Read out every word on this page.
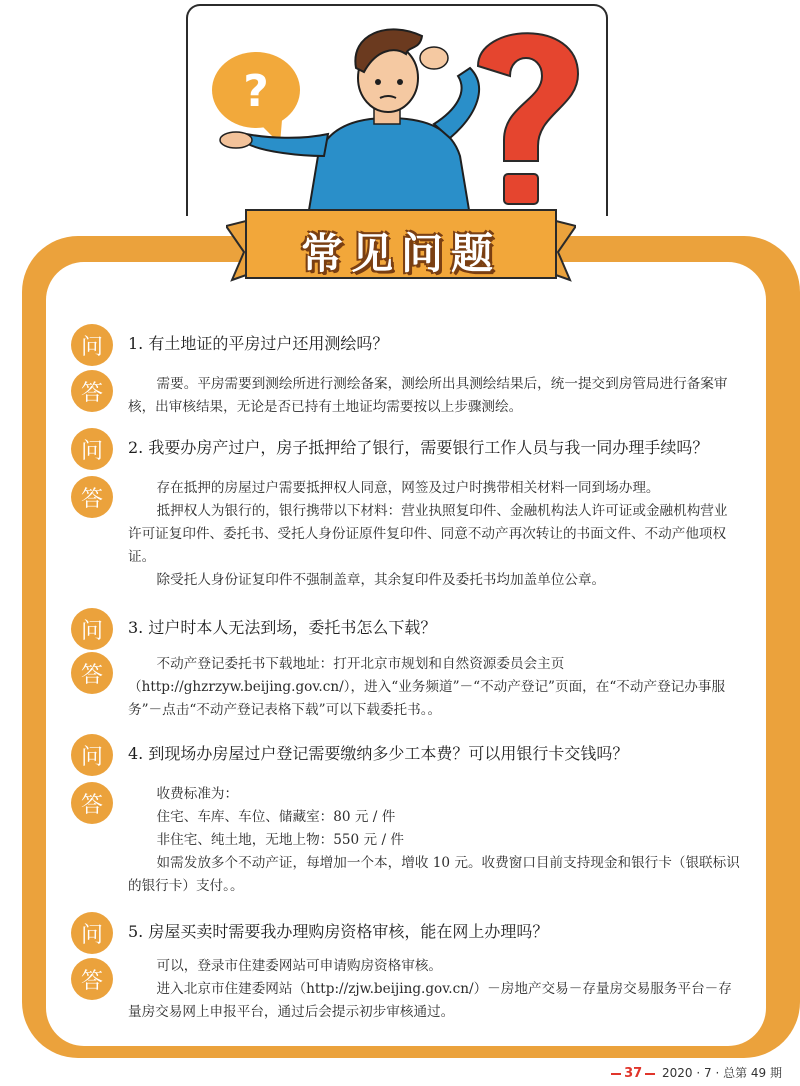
?
常见问题
问	1. 有土地证的平房过户还用测绘吗？
答	需要。平房需要到测绘所进行测绘备案，测绘所出具测绘结果后，统一提交到房管局进行备案审核，出审核结果，无论是否已持有土地证均需要按以上步骤测绘。
问	2. 我要办房产过户，房子抵押给了银行，需要银行工作人员与我一同办理手续吗？
答	存在抵押的房屋过户需要抵押权人同意，网签及过户时携带相关材料一同到场办理。
抵押权人为银行的，银行携带以下材料：营业执照复印件、金融机构法人许可证或金融机构营业许可证复印件、委托书、受托人身份证原件复印件、同意不动产再次转让的书面文件、不动产他项权证。
除受托人身份证复印件不强制盖章，其余复印件及委托书均加盖单位公章。
问	3. 过户时本人无法到场，委托书怎么下载？
答	不动产登记委托书下载地址：打开北京市规划和自然资源委员会主页（http://ghzrzyw.beijing.gov.cn/），进入“业务频道”－“不动产登记”页面，在“不动产登记办事服务”－点击“不动产登记表格下载”可以下载委托书。。
问	4. 到现场办房屋过户登记需要缴纳多少工本费？可以用银行卡交钱吗？
答	收费标准为：
住宅、车库、车位、储藏室：80 元 / 件
非住宅、纯土地，无地上物：550 元 / 件
如需发放多个不动产证，每增加一个本，增收 10 元。收费窗口目前支持现金和银行卡（银联标识的银行卡）支付。。
问	5. 房屋买卖时需要我办理购房资格审核，能在网上办理吗？
答
可以，登录市住建委网站可申请购房资格审核。
进入北京市住建委网站（http://zjw.beijing.gov.cn/）－房地产交易－存量房交易服务平台－存量房交易网上申报平台，通过后会提示初步审核通过。
37 2020 · 7 · 总第 49 期
